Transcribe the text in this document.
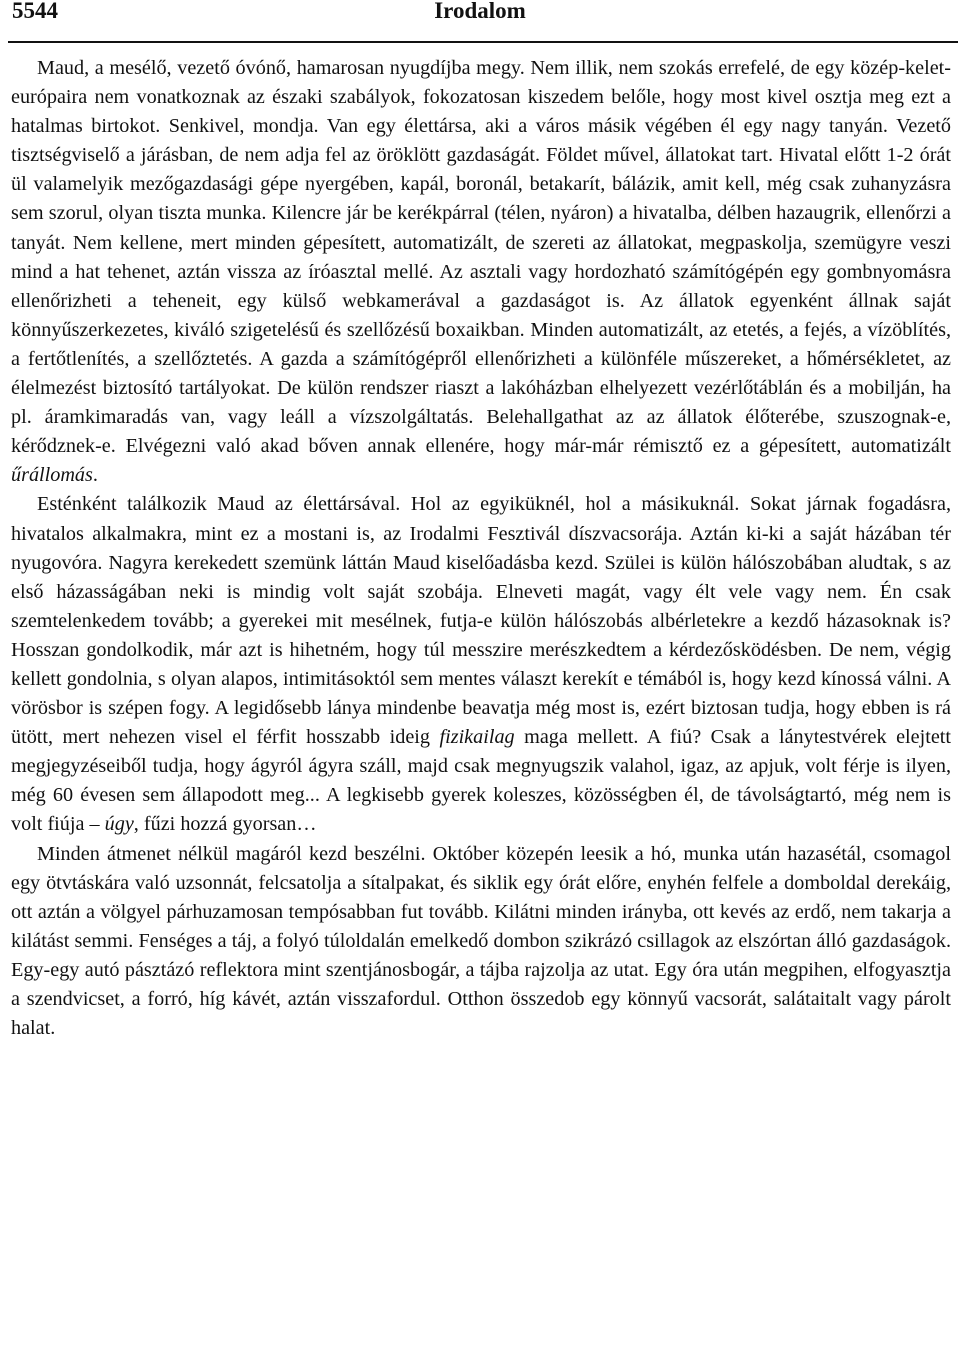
5544	Irodalom

Maud, a mesélő, vezető óvónő, hamarosan nyugdíjba megy. Nem illik, nem szokás errefelé, de egy közép-kelet-európaira nem vonatkoznak az északi szabályok, fokozatosan kiszedem belőle, hogy most kivel osztja meg ezt a hatalmas birtokot. Senkivel, mondja. Van egy élettársa, aki a város másik végében él egy nagy tanyán. Vezető tisztségviselő a járásban, de nem adja fel az öröklött gazdaságát. Földet művel, állatokat tart. Hivatal előtt 1-2 órát ül valamelyik mezőgazdasági gépe nyergében, kapál, boronál, betakarít, bálázik, amit kell, még csak zuhanyzásra sem szorul, olyan tiszta munka. Kilencre jár be kerékpárral (télen, nyáron) a hivatalba, délben hazaugrik, ellenőrzi a tanyát. Nem kellene, mert minden gépesített, automatizált, de szereti az állatokat, megpaskolja, szemügyre veszi mind a hat tehenet, aztán vissza az íróasztal mellé. Az asztali vagy hordozható számítógépén egy gombnyomásra ellenőrizheti a teheneit, egy külső webkamerával a gazdaságot is. Az állatok egyenként állnak saját könnyűszerkezetes, kiváló szigetelésű és szellőzésű boxaikban. Minden automatizált, az etetés, a fejés, a vízöblítés, a fertőtlenítés, a szellőztetés. A gazda a számítógépről ellenőrizheti a különféle műszereket, a hőmérsékletet, az élelmezést biztosító tartályokat. De külön rendszer riaszt a lakóházban elhelyezett vezérlőtáblán és a mobilján, ha pl. áramkimaradás van, vagy leáll a vízszolgáltatás. Belehallgathat az az állatok élőterébe, szuszognak-e, kérődznek-e. Elvégezni való akad bőven annak ellenére, hogy már-már rémisztő ez a gépesített, automatizált űrállomás.

Esténként találkozik Maud az élettársával. Hol az egyiküknél, hol a másikuknál. Sokat járnak fogadásra, hivatalos alkalmakra, mint ez a mostani is, az Irodalmi Fesztivál díszvacsorája. Aztán ki-ki a saját házában tér nyugovóra. Nagyra kerekedett szemünk láttán Maud kiselőadásba kezd. Szülei is külön hálószobában aludtak, s az első házasságában neki is mindig volt saját szobája. Elneveti magát, vagy élt vele vagy nem. Én csak szemtelenkedem tovább; a gyerekei mit mesélnek, futja-e külön hálószobás albérletekre a kezdő házasoknak is? Hosszan gondolkodik, már azt is hihetném, hogy túl messzire merészkedtem a kérdezősködésben. De nem, végig kellett gondolnia, s olyan alapos, intimitásoktól sem mentes választ kerekít e témából is, hogy kezd kínossá válni. A vörösbor is szépen fogy. A legidősebb lánya mindenbe beavatja még most is, ezért biztosan tudja, hogy ebben is rá ütött, mert nehezen visel el férfit hosszabb ideig fizikailag maga mellett. A fiú? Csak a lánytestvérek elejtett megjegyzéseiből tudja, hogy ágyról ágyra száll, majd csak megnyugszik valahol, igaz, az apjuk, volt férje is ilyen, még 60 évesen sem állapodott meg... A legkisebb gyerek koleszes, közösségben él, de távolságtartó, még nem is volt fiúja – úgy, fűzi hozzá gyorsan…

Minden átmenet nélkül magáról kezd beszélni. Október közepén leesik a hó, munka után hazasétál, csomagol egy ötvtáskára való uzsonnát, felcsatolja a sítalpakat, és siklik egy órát előre, enyhén felfele a domboldal derekáig, ott aztán a völgyel párhuzamosan tempósabban fut tovább. Kilátni minden irányba, ott kevés az erdő, nem takarja a kilátást semmi. Fenséges a táj, a folyó túloldalán emelkedő dombon szikrázó csillagok az elszórtan álló gazdaságok. Egy-egy autó pásztázó reflektora mint szentjánosbogár, a tájba rajzolja az utat. Egy óra után megpihen, elfogyasztja a szendvicset, a forró, híg kávét, aztán visszafordul. Otthon összedob egy könnyű vacsorát, salátaitalt vagy párolt halat.
